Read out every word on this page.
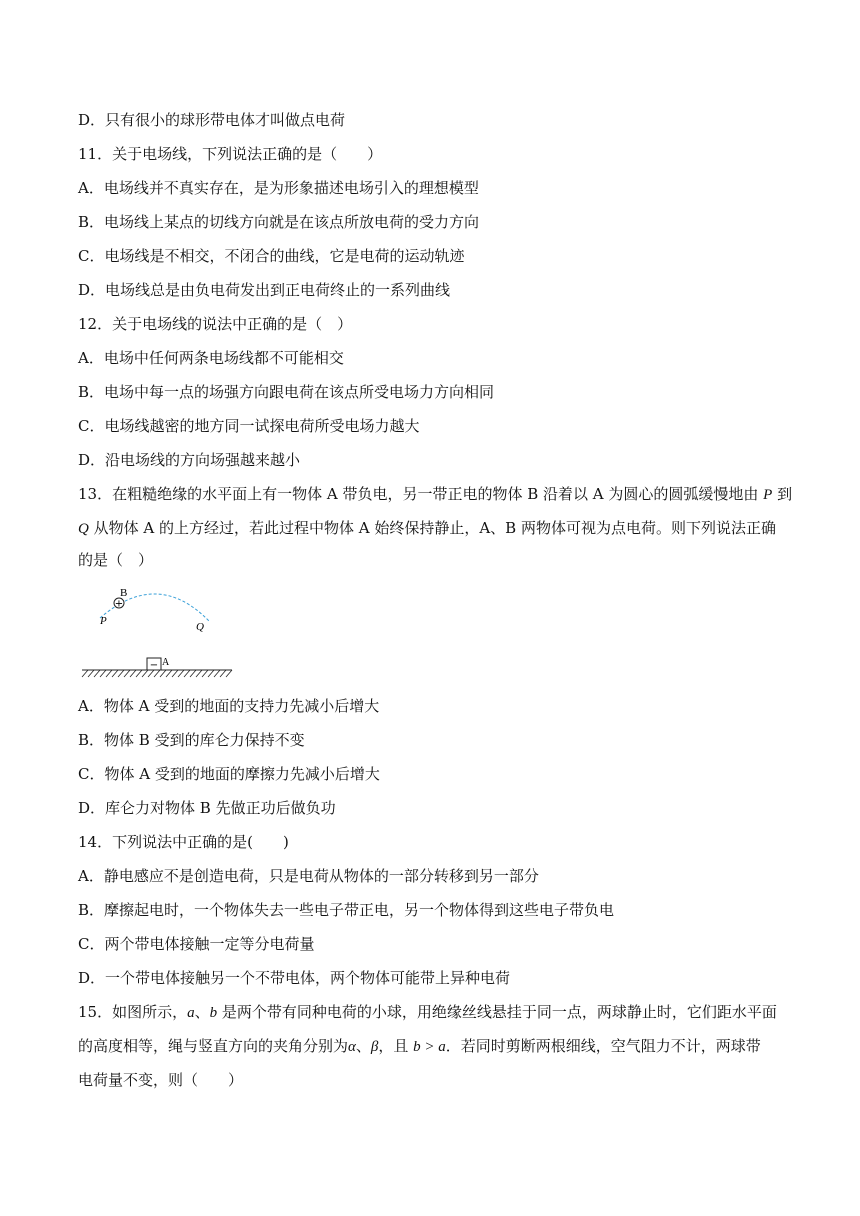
D．只有很小的球形带电体才叫做点电荷
11．关于电场线，下列说法正确的是（　　）
A．电场线并不真实存在，是为形象描述电场引入的理想模型
B．电场线上某点的切线方向就是在该点所放电荷的受力方向
C．电场线是不相交，不闭合的曲线，它是电荷的运动轨迹
D．电场线总是由负电荷发出到正电荷终止的一系列曲线
12．关于电场线的说法中正确的是（　）
A．电场中任何两条电场线都不可能相交
B．电场中每一点的场强方向跟电荷在该点所受电场力方向相同
C．电场线越密的地方同一试探电荷所受电场力越大
D．沿电场线的方向场强越来越小
13．在粗糙绝缘的水平面上有一物体 A 带负电，另一带正电的物体 B 沿着以 A 为圆心的圆弧缓慢地由 P 到
Q 从物体 A 的上方经过，若此过程中物体 A 始终保持静止，A、B 两物体可视为点电荷。则下列说法正确
的是（　）
+
B
P	Q
− A
A．物体 A 受到的地面的支持力先减小后增大
B．物体 B 受到的库仑力保持不变
C．物体 A 受到的地面的摩擦力先减小后增大
D．库仑力对物体 B 先做正功后做负功
14．下列说法中正确的是(　　)
A．静电感应不是创造电荷，只是电荷从物体的一部分转移到另一部分
B．摩擦起电时，一个物体失去一些电子带正电，另一个物体得到这些电子带负电
C．两个带电体接触一定等分电荷量
D．一个带电体接触另一个不带电体，两个物体可能带上异种电荷
15．如图所示，a、b 是两个带有同种电荷的小球，用绝缘丝线悬挂于同一点，两球静止时，它们距水平面
的高度相等，绳与竖直方向的夹角分别为α、β，且 b > a．若同时剪断两根细线，空气阻力不计，两球带
电荷量不变，则（　　）
